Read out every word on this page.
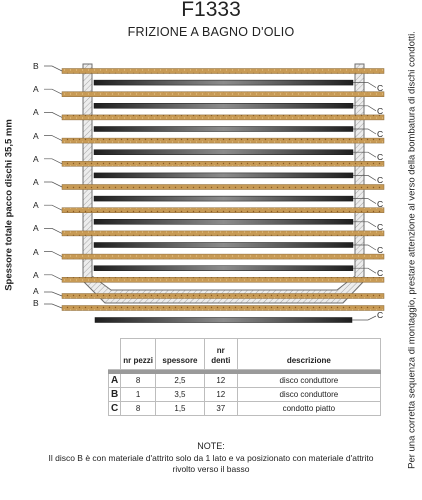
F1333
FRIZIONE A BAGNO D'OLIO
Spessore totale pacco dischi 35,5 mm	Per una corretta sequenza di montaggio, prestare attenzione al verso della bombatura di dischi condotti.
B
A
A
A
A
A
A
A
A
A
A
B
C
C
C
C
C
C
C
C
C
C
	nr pezzi	spessore	nr denti	descrizione

A	8	2,5	12	disco conduttore
B	1	3,5	12	disco conduttore
C	8	1,5	37	condotto piatto
NOTE:
Il disco B è con materiale d'attrito solo da 1 lato e va posizionato con materiale d'attrito rivolto verso il basso
